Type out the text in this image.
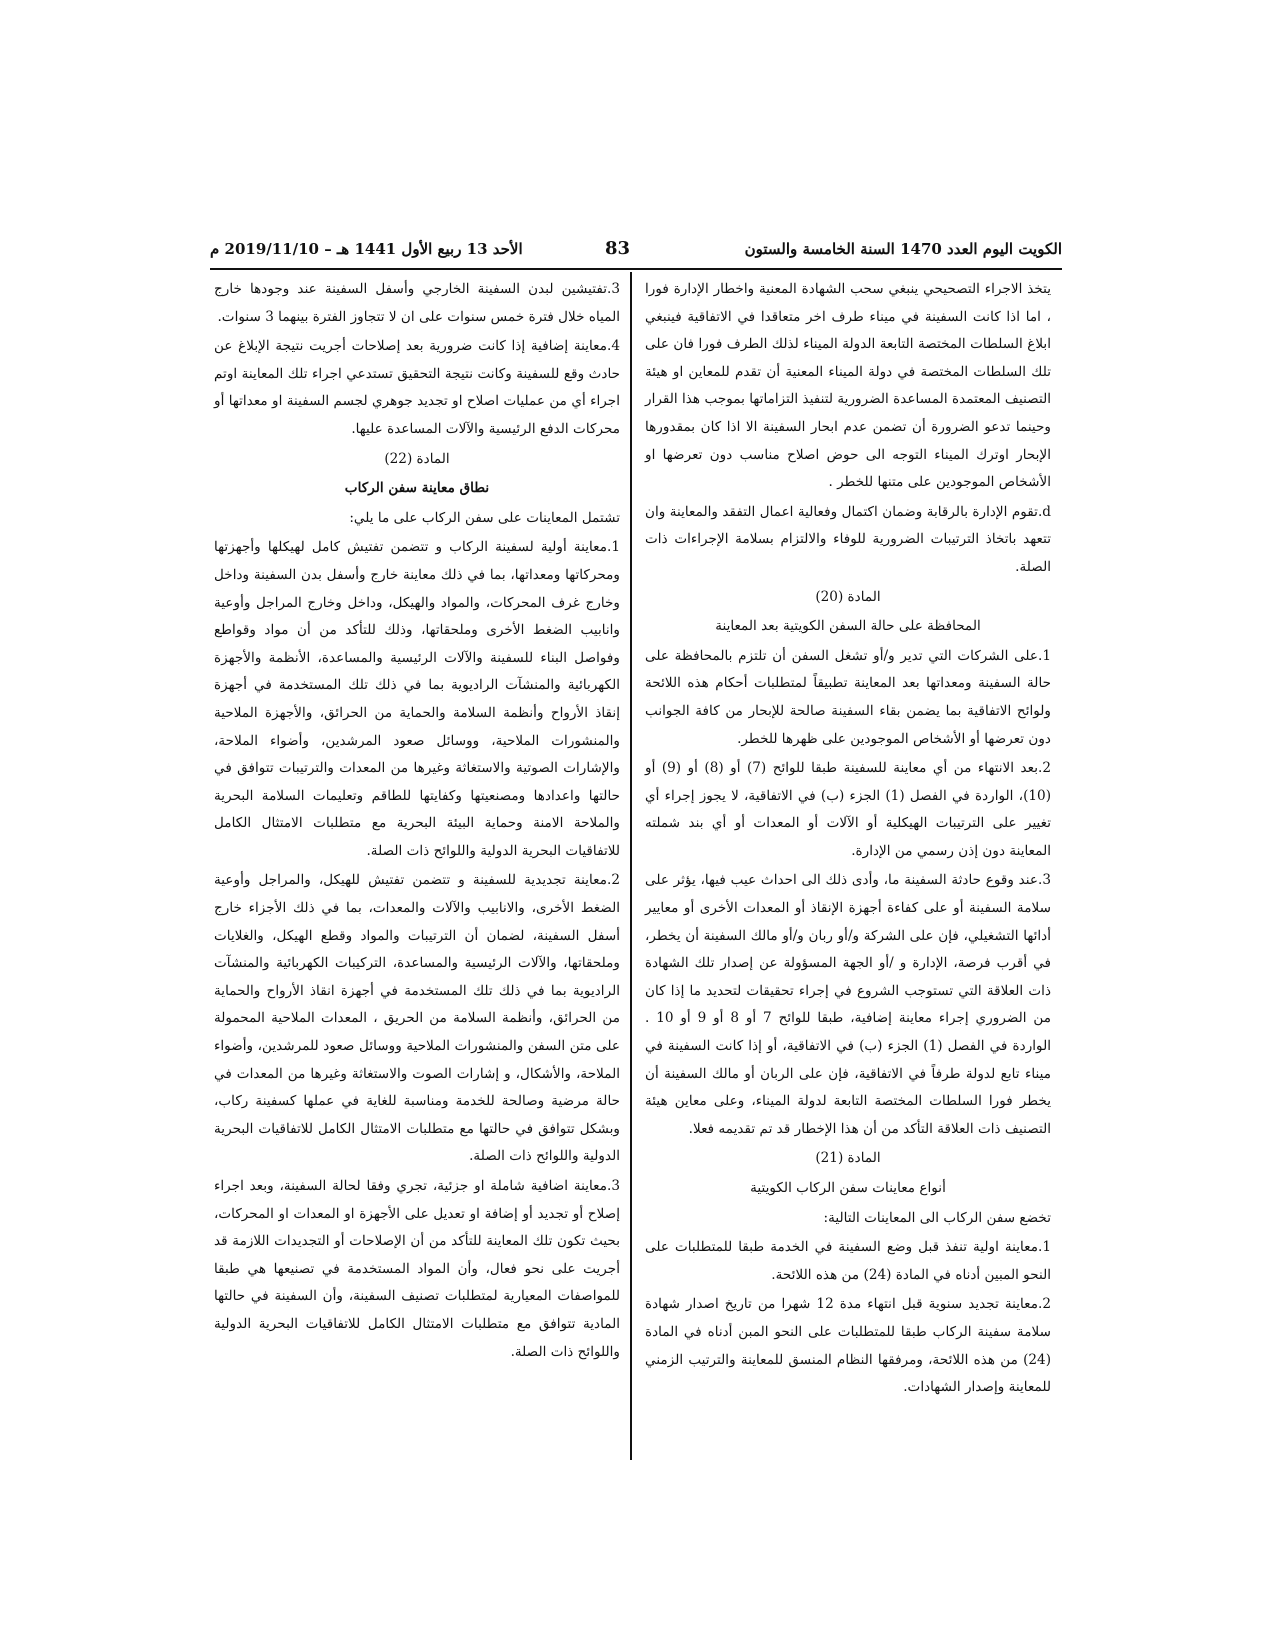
الكويت اليوم العدد 1470 السنة الخامسة والستون
83
الأحد 13 ربيع الأول 1441 هـ – 2019/11/10 م

يتخذ الاجراء التصحيحي ينبغي سحب الشهادة المعنية واخطار الإدارة فورا ، اما اذا كانت السفينة في ميناء طرف اخر متعاقدا في الاتفاقية فينبغي ابلاغ السلطات المختصة التابعة الدولة الميناء لذلك الطرف فورا فان على تلك السلطات المختصة في دولة الميناء المعنية أن تقدم للمعاين او هيئة التصنيف المعتمدة المساعدة الضرورية لتنفيذ التزاماتها بموجب هذا القرار وحينما تدعو الضرورة أن تضمن عدم ابحار السفينة الا اذا كان بمقدورها الإبحار اوترك الميناء التوجه الى حوض اصلاح مناسب دون تعرضها او الأشخاص الموجودين على متنها للخطر .

d.تقوم الإدارة بالرقابة وضمان اكتمال وفعالية اعمال التفقد والمعاينة وان تتعهد باتخاذ الترتيبات الضرورية للوفاء والالتزام بسلامة الإجراءات ذات الصلة.

المادة (20)

المحافظة على حالة السفن الكويتية بعد المعاينة

1.على الشركات التي تدير و/أو تشغل السفن أن تلتزم بالمحافظة على حالة السفينة ومعداتها بعد المعاينة تطبيقاً لمتطلبات أحكام هذه اللائحة ولوائح الاتفاقية بما يضمن بقاء السفينة صالحة للإبحار من كافة الجوانب دون تعرضها أو الأشخاص الموجودين على ظهرها للخطر.

2.بعد الانتهاء من أي معاينة للسفينة طبقا للوائح (7) أو (8) أو (9) أو (10)، الواردة في الفصل (1) الجزء (ب) في الاتفاقية، لا يجوز إجراء أي تغيير على الترتيبات الهيكلية أو الآلات أو المعدات أو أي بند شملته المعاينة دون إذن رسمي من الإدارة.

3.عند وقوع حادثة السفينة ما، وأدى ذلك الى احداث عيب فيها، يؤثر على سلامة السفينة أو على كفاءة أجهزة الإنقاذ أو المعدات الأخرى أو معايير أدائها التشغيلي، فإن على الشركة و/أو ربان و/أو مالك السفينة أن يخطر، في أقرب فرصة، الإدارة و /أو الجهة المسؤولة عن إصدار تلك الشهادة ذات العلاقة التي تستوجب الشروع في إجراء تحقيقات لتحديد ما إذا كان من الضروري إجراء معاينة إضافية، طبقا للوائح 7 أو 8 أو 9 أو 10 . الواردة في الفصل (1) الجزء (ب) في الاتفاقية، أو إذا كانت السفينة في ميناء تابع لدولة طرفاً في الاتفاقية، فإن على الربان أو مالك السفينة أن يخطر فورا السلطات المختصة التابعة لدولة الميناء، وعلى معاين هيئة التصنيف ذات العلاقة التأكد من أن هذا الإخطار قد تم تقديمه فعلا.

المادة (21)

أنواع معاينات سفن الركاب الكويتية

تخضع سفن الركاب الى المعاينات التالية:

1.معاينة اولية تنفذ قبل وضع السفينة في الخدمة طبقا للمتطلبات على النحو المبين أدناه في المادة (24) من هذه اللائحة.

2.معاينة تجديد سنوية قبل انتهاء مدة 12 شهرا من تاريخ اصدار شهادة سلامة سفينة الركاب طبقا للمتطلبات على النحو المبن أدناه في المادة (24) من هذه اللائحة، ومرفقها النظام المنسق للمعاينة والترتيب الزمني للمعاينة وإصدار الشهادات.

3.تفتيشين لبدن السفينة الخارجي وأسفل السفينة عند وجودها خارج المياه خلال فترة خمس سنوات على ان لا تتجاوز الفترة بينهما 3 سنوات.

4.معاينة إضافية إذا كانت ضرورية بعد إصلاحات أجريت نتيجة الإبلاغ عن حادث وقع للسفينة وكانت نتيجة التحقيق تستدعي اجراء تلك المعاينة اوتم اجراء أي من عمليات اصلاح او تجديد جوهري لجسم السفينة او معداتها أو محركات الدفع الرئيسية والآلات المساعدة عليها.

المادة (22)

نطاق معاينة سفن الركاب

تشتمل المعاينات على سفن الركاب على ما يلي:

1.معاينة أولية لسفينة الركاب و تتضمن تفتيش كامل لهيكلها وأجهزتها ومحركاتها ومعداتها، بما في ذلك معاينة خارج وأسفل بدن السفينة وداخل وخارج غرف المحركات، والمواد والهيكل، وداخل وخارج المراجل وأوعية وانابيب الضغط الأخرى وملحقاتها، وذلك للتأكد من أن مواد وقواطع وفواصل البناء للسفينة والآلات الرئيسية والمساعدة، الأنظمة والأجهزة الكهربائية والمنشآت الراديوية بما في ذلك تلك المستخدمة في أجهزة إنقاذ الأرواح وأنظمة السلامة والحماية من الحرائق، والأجهزة الملاحية والمنشورات الملاحية، ووسائل صعود المرشدين، وأضواء الملاحة، والإشارات الصوتية والاستغاثة وغيرها من المعدات والترتيبات تتوافق في حالتها واعدادها ومصنعيتها وكفايتها للطاقم وتعليمات السلامة البحرية والملاحة الامنة وحماية البيئة البحرية مع متطلبات الامتثال الكامل للاتفاقيات البحرية الدولية واللوائح ذات الصلة.

2.معاينة تجديدية للسفينة و تتضمن تفتيش للهيكل، والمراجل وأوعية الضغط الأخرى، والانابيب والآلات والمعدات، بما في ذلك الأجزاء خارج أسفل السفينة، لضمان أن الترتيبات والمواد وقطع الهيكل، والغلايات وملحقاتها، والآلات الرئيسية والمساعدة، التركيبات الكهربائية والمنشآت الراديوية بما في ذلك تلك المستخدمة في أجهزة انقاذ الأرواح والحماية من الحرائق، وأنظمة السلامة من الحريق ، المعدات الملاحية المحمولة على متن السفن والمنشورات الملاحية ووسائل صعود للمرشدين، وأضواء الملاحة، والأشكال، و إشارات الصوت والاستغاثة وغيرها من المعدات في حالة مرضية وصالحة للخدمة ومناسبة للغاية في عملها كسفينة ركاب، وبشكل تتوافق في حالتها مع متطلبات الامتثال الكامل للاتفاقيات البحرية الدولية واللوائح ذات الصلة.

3.معاينة اضافية شاملة او جزئية، تجري وفقا لحالة السفينة، وبعد اجراء إصلاح أو تجديد أو إضافة او تعديل على الأجهزة او المعدات او المحركات، بحيث تكون تلك المعاينة للتأكد من أن الإصلاحات أو التجديدات اللازمة قد أجريت على نحو فعال، وأن المواد المستخدمة في تصنيعها هي طبقا للمواصفات المعيارية لمتطلبات تصنيف السفينة، وأن السفينة في حالتها المادية تتوافق مع متطلبات الامتثال الكامل للاتفاقيات البحرية الدولية واللوائح ذات الصلة.
